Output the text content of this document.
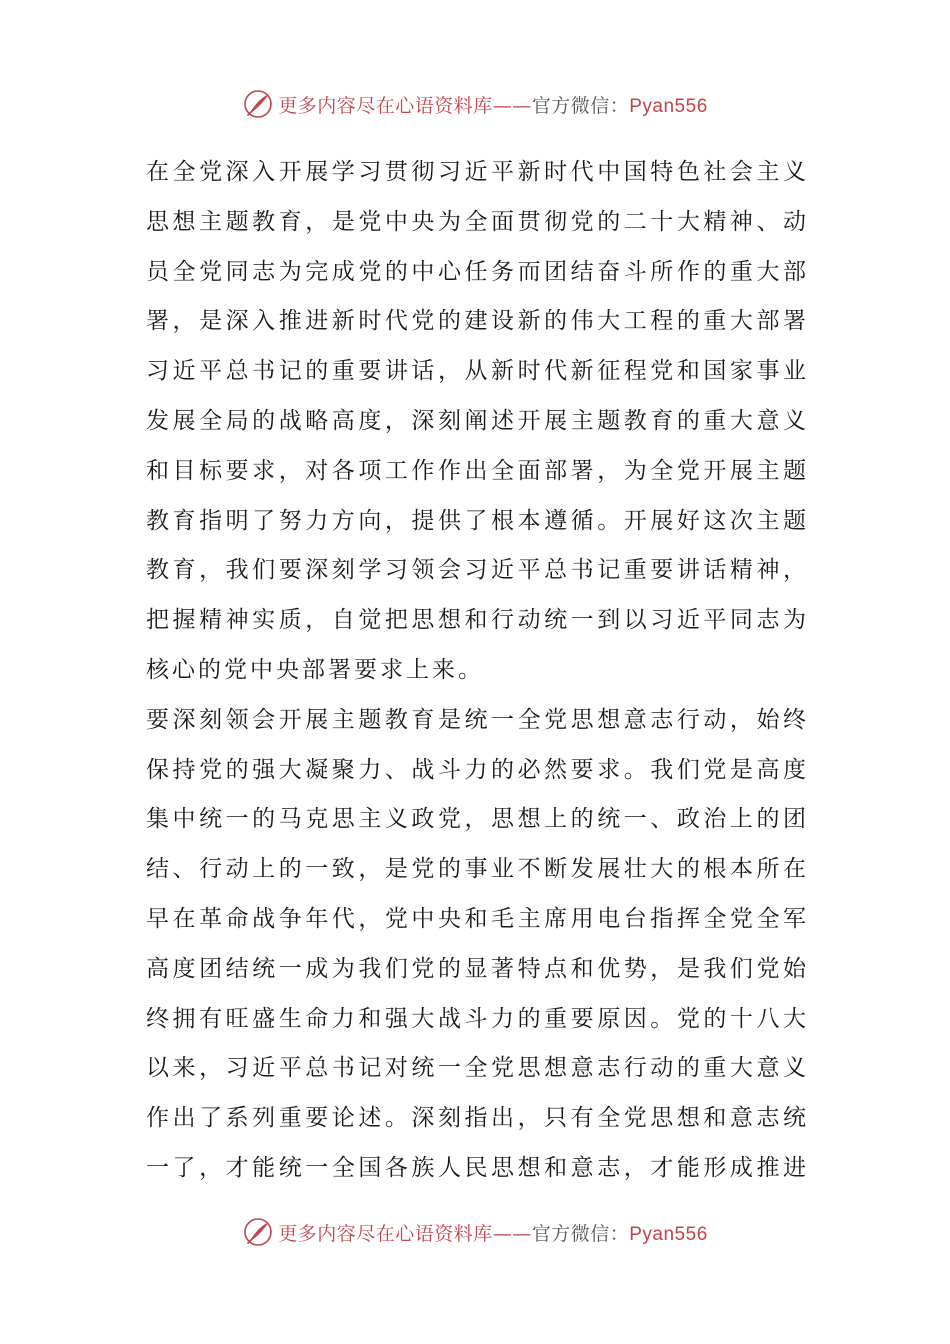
更多内容尽在心语资料库——官方微信：Pyan556
在全党深入开展学习贯彻习近平新时代中国特色社会主义
思想主题教育，是党中央为全面贯彻党的二十大精神、动
员全党同志为完成党的中心任务而团结奋斗所作的重大部
署，是深入推进新时代党的建设新的伟大工程的重大部署
习近平总书记的重要讲话，从新时代新征程党和国家事业
发展全局的战略高度，深刻阐述开展主题教育的重大意义
和目标要求，对各项工作作出全面部署，为全党开展主题
教育指明了努力方向，提供了根本遵循。开展好这次主题
教育，我们要深刻学习领会习近平总书记重要讲话精神，
把握精神实质，自觉把思想和行动统一到以习近平同志为
核心的党中央部署要求上来。
要深刻领会开展主题教育是统一全党思想意志行动，始终
保持党的强大凝聚力、战斗力的必然要求。我们党是高度
集中统一的马克思主义政党，思想上的统一、政治上的团
结、行动上的一致，是党的事业不断发展壮大的根本所在
早在革命战争年代，党中央和毛主席用电台指挥全党全军
高度团结统一成为我们党的显著特点和优势，是我们党始
终拥有旺盛生命力和强大战斗力的重要原因。党的十八大
以来，习近平总书记对统一全党思想意志行动的重大意义
作出了系列重要论述。深刻指出，只有全党思想和意志统
一了，才能统一全国各族人民思想和意志，才能形成推进
更多内容尽在心语资料库——官方微信：Pyan556
